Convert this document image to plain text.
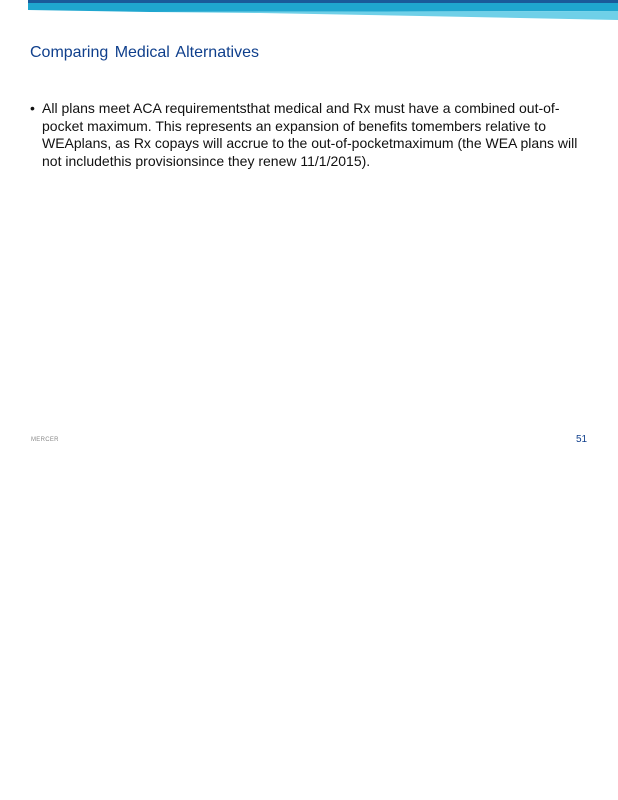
Comparing Medical Alternatives
• All plans meet ACA requirementsthat medical and Rx must have a combined out-of-pocket maximum. This represents an expansion of benefits tomembers relative to WEAplans, as Rx copays will accrue to the out-of-pocketmaximum (the WEA plans will not includethis provisionsince they renew 11/1/2015).
MERCER	51
